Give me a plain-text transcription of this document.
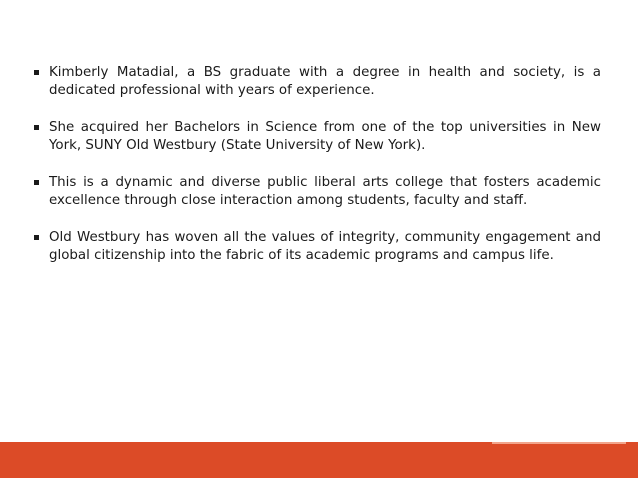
Kimberly Matadial, a BS graduate with a degree in health and society, is a dedicated professional with years of experience.
She acquired her Bachelors in Science from one of the top universities in New York, SUNY Old Westbury (State University of New York).
This is a dynamic and diverse public liberal arts college that fosters academic excellence through close interaction among students, faculty and staff.
Old Westbury has woven all the values of integrity, community engagement and global citizenship into the fabric of its academic programs and campus life.
